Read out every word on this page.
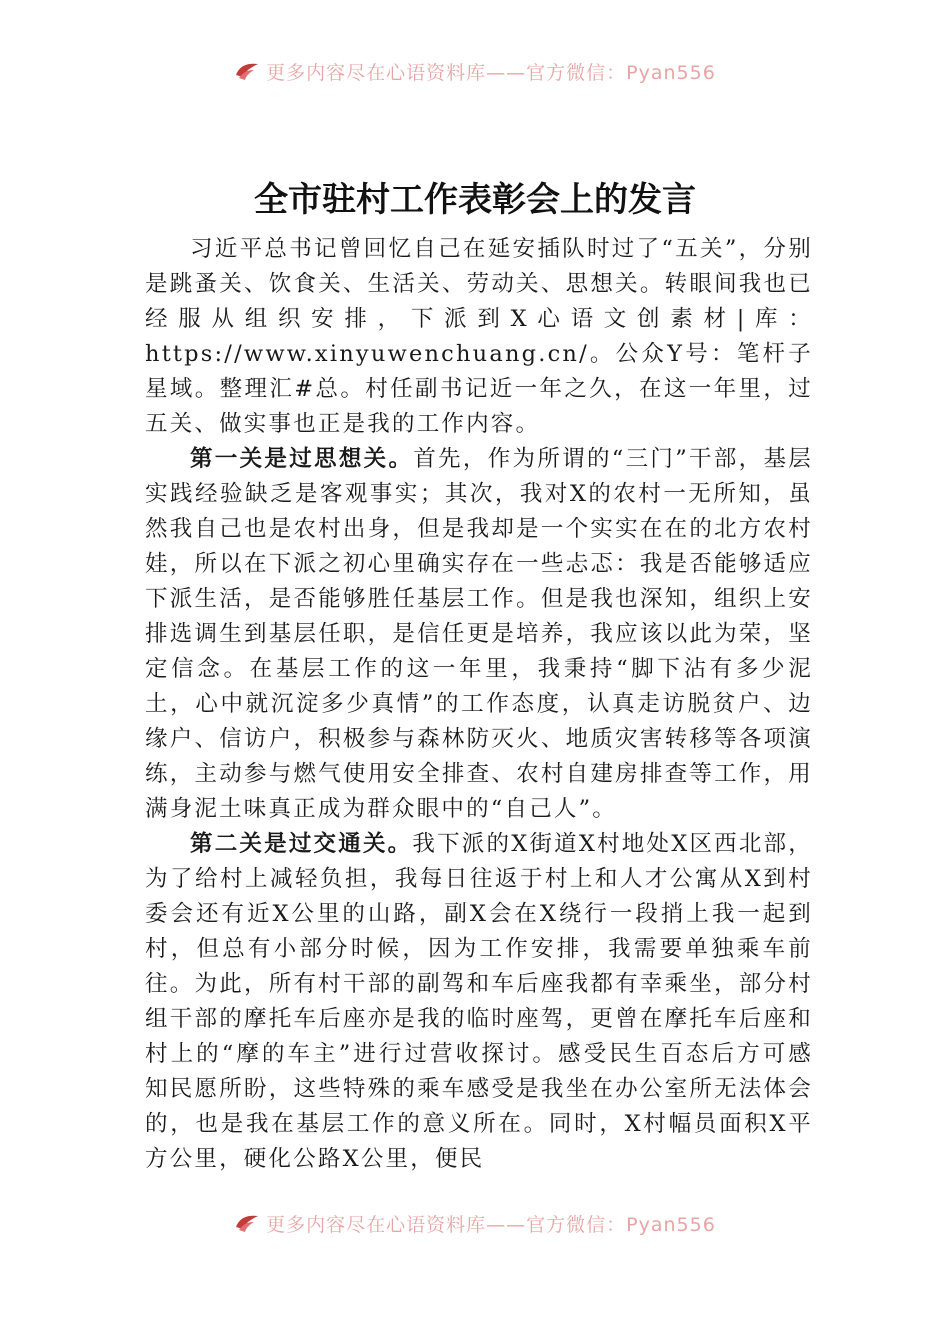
更多内容尽在心语资料库——官方微信：Pyan556
全市驻村工作表彰会上的发言

习近平总书记曾回忆自己在延安插队时过了“五关”，分别是跳蚤关、饮食关、生活关、劳动关、思想关。转眼间我也已经服从组织安排，下派到X心语文创素材|库：https://www.xinyuwenchuang.cn/。公众Y号：笔杆子星域。整理汇#总。村任副书记近一年之久，在这一年里，过五关、做实事也正是我的工作内容。

第一关是过思想关。首先，作为所谓的“三门”干部，基层实践经验缺乏是客观事实；其次，我对X的农村一无所知，虽然我自己也是农村出身，但是我却是一个实实在在的北方农村娃，所以在下派之初心里确实存在一些忐忑：我是否能够适应下派生活，是否能够胜任基层工作。但是我也深知，组织上安排选调生到基层任职，是信任更是培养，我应该以此为荣，坚定信念。在基层工作的这一年里，我秉持“脚下沾有多少泥土，心中就沉淀多少真情”的工作态度，认真走访脱贫户、边缘户、信访户，积极参与森林防灭火、地质灾害转移等各项演练，主动参与燃气使用安全排查、农村自建房排查等工作，用满身泥土味真正成为群众眼中的“自己人”。

第二关是过交通关。我下派的X街道X村地处X区西北部，为了给村上减轻负担，我每日往返于村上和人才公寓从X到村委会还有近X公里的山路，副X会在X绕行一段捎上我一起到村，但总有小部分时候，因为工作安排，我需要单独乘车前往。为此，所有村干部的副驾和车后座我都有幸乘坐，部分村组干部的摩托车后座亦是我的临时座驾，更曾在摩托车后座和村上的“摩的车主”进行过营收探讨。感受民生百态后方可感知民愿所盼，这些特殊的乘车感受是我坐在办公室所无法体会的，也是我在基层工作的意义所在。同时，X村幅员面积X平方公里，硬化公路X公里，便民

更多内容尽在心语资料库——官方微信：Pyan556
